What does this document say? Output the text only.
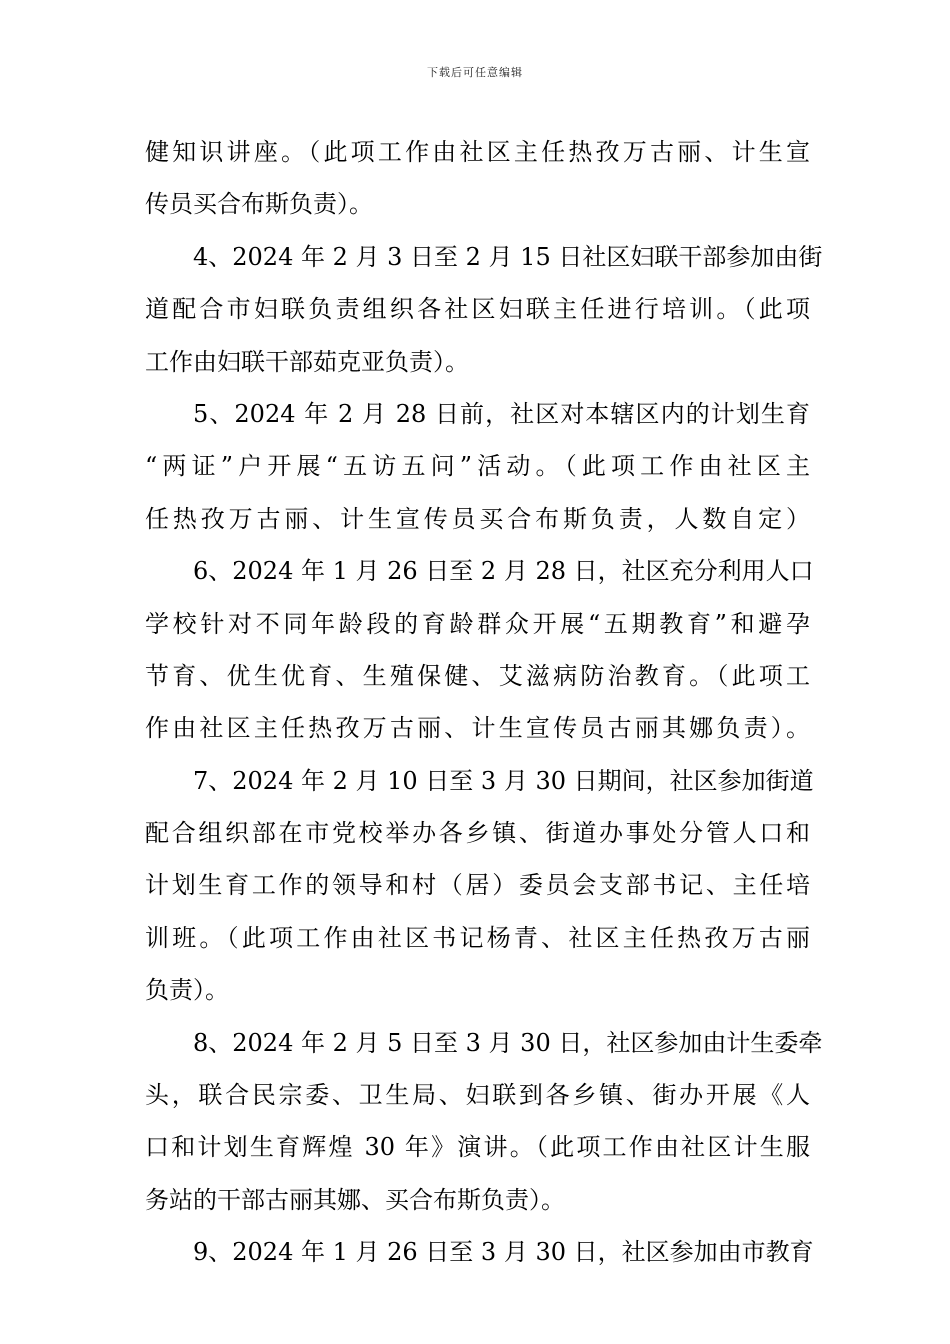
下载后可任意编辑
健知识讲座。（此项工作由社区主任热孜万古丽、计生宣
传员买合布斯负责）。
4、2024 年 2 月 3 日至 2 月 15 日社区妇联干部参加由街
道配合市妇联负责组织各社区妇联主任进行培训。（此项
工作由妇联干部茹克亚负责）。
5、2024 年 2 月 28 日前，社区对本辖区内的计划生育
“两证”户开展“五访五问”活动。（此项工作由社区主
任热孜万古丽、计生宣传员买合布斯负责，人数自定）
6、2024 年 1 月 26 日至 2 月 28 日，社区充分利用人口
学校针对不同年龄段的育龄群众开展“五期教育”和避孕
节育、优生优育、生殖保健、艾滋病防治教育。（此项工
作由社区主任热孜万古丽、计生宣传员古丽其娜负责）。
7、2024 年 2 月 10 日至 3 月 30 日期间，社区参加街道
配合组织部在市党校举办各乡镇、街道办事处分管人口和
计划生育工作的领导和村（居）委员会支部书记、主任培
训班。（此项工作由社区书记杨青、社区主任热孜万古丽
负责）。
8、2024 年 2 月 5 日至 3 月 30 日，社区参加由计生委牵
头，联合民宗委、卫生局、妇联到各乡镇、街办开展《人
口和计划生育辉煌 30 年》演讲。（此项工作由社区计生服
务站的干部古丽其娜、买合布斯负责）。
9、2024 年 1 月 26 日至 3 月 30 日，社区参加由市教育
